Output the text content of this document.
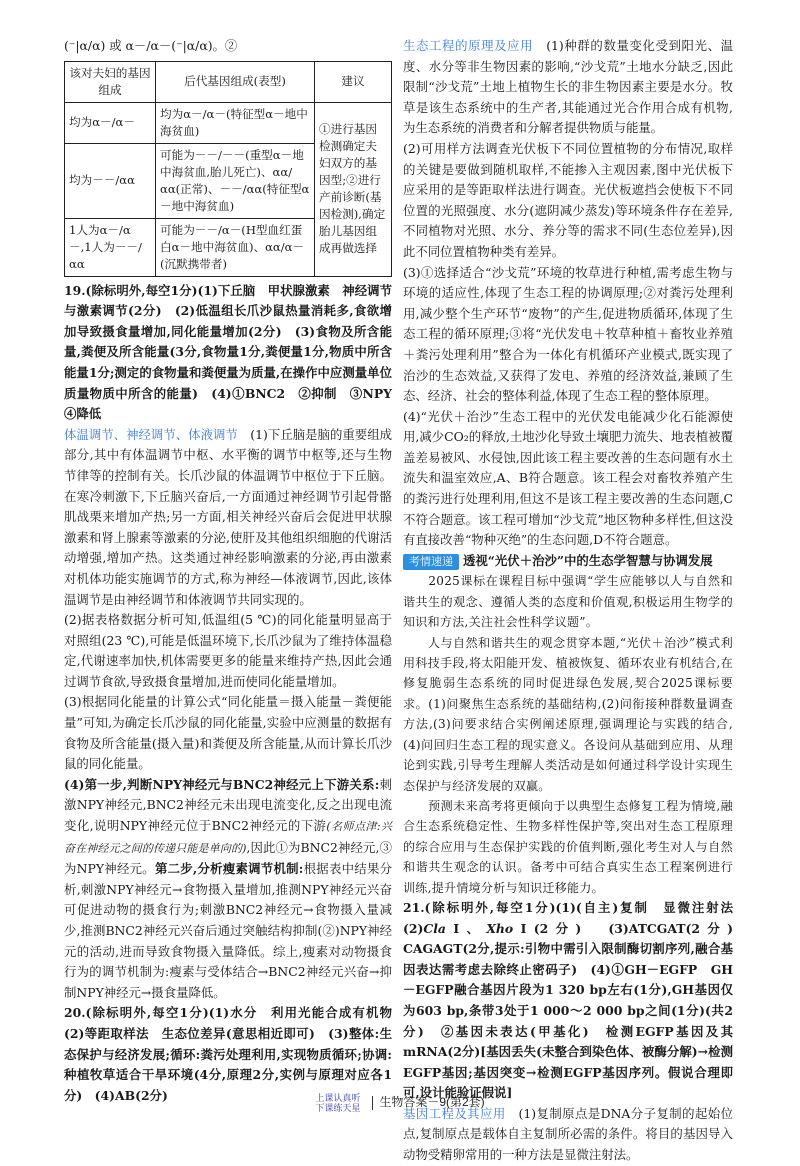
(⁻|α/α) 或 α－/α－(⁻|α/α)。②

该对夫妇的基因组成	后代基因组成(表型)	建议
均为α－/α－	均为α－/α－(特征型α－地中海贫血)	①进行基因检测确定夫妇双方的基因型;②进行产前诊断(基因检测),确定胎儿基因组成再做选择
均为－－/αα	可能为－－/－－(重型α－地中海贫血,胎儿死亡)、αα/αα(正常)、－－/αα(特征型α－地中海贫血)	
1人为α－/α－,1人为－－/αα	可能为－－/α－(H型血红蛋白α－地中海贫血)、αα/α－(沉默携带者)	

19.(除标明外,每空1分)(1)下丘脑　甲状腺激素　神经调节与激素调节(2分)　(2)低温组长爪沙鼠热量消耗多,食欲增加导致摄食量增加,同化能量增加(2分)　(3)食物及所含能量,粪便及所含能量(3分,食物量1分,粪便量1分,物质中所含能量1分;测定的食物量和粪便量为质量,在操作中应测量单位质量物质中所含的能量)　(4)①BNC2　②抑制　③NPY　④降低

体温调节、神经调节、体液调节　 (1)下丘脑是脑的重要组成部分,其中有体温调节中枢、水平衡的调节中枢等,还与生物节律等的控制有关。长爪沙鼠的体温调节中枢位于下丘脑。在寒冷刺激下,下丘脑兴奋后,一方面通过神经调节引起骨骼肌战栗来增加产热;另一方面,相关神经兴奋后会促进甲状腺激素和肾上腺素等激素的分泌,使肝及其他组织细胞的代谢活动增强,增加产热。这类通过神经影响激素的分泌,再由激素对机体功能实施调节的方式,称为神经—体液调节,因此,该体温调节是由神经调节和体液调节共同实现的。

(2)据表格数据分析可知,低温组(5 ℃)的同化能量明显高于对照组(23 ℃),可能是低温环境下,长爪沙鼠为了维持体温稳定,代谢速率加快,机体需要更多的能量来维持产热,因此会通过调节食欲,导致摄食量增加,进而使同化能量增加。

(3)根据同化能量的计算公式“同化能量＝摄入能量－粪便能量”可知,为确定长爪沙鼠的同化能量,实验中应测量的数据有食物及所含能量(摄入量)和粪便及所含能量,从而计算长爪沙鼠的同化能量。

(4)第一步,判断NPY神经元与BNC2神经元上下游关系:刺激NPY神经元,BNC2神经元未出现电流变化,反之出现电流变化,说明NPY神经元位于BNC2神经元的下游(名师点津:兴奋在神经元之间的传递只能是单向的),因此①为BNC2神经元,③为NPY神经元。第二步,分析瘦素调节机制:根据表中结果分析,刺激NPY神经元→食物摄入量增加,推测NPY神经元兴奋可促进动物的摄食行为;刺激BNC2神经元→食物摄入量减少,推测BNC2神经元兴奋后通过突触结构抑制(②)NPY神经元的活动,进而导致食物摄入量降低。综上,瘦素对动物摄食行为的调节机制为:瘦素与受体结合→BNC2神经元兴奋→抑制NPY神经元→摄食量降低。

20.(除标明外,每空1分)(1)水分　利用光能合成有机物　(2)等距取样法　生态位差异(意思相近即可)　(3)整体:生态保护与经济发展;循环:粪污处理利用,实现物质循环;协调:种植牧草适合干旱环境(4分,原理2分,实例与原理对应各1分)　(4)AB(2分)

生态工程的原理及应用　 (1)种群的数量变化受到阳光、温度、水分等非生物因素的影响,“沙戈荒”土地水分缺乏,因此限制“沙戈荒”土地上植物生长的非生物因素主要是水分。牧草是该生态系统中的生产者,其能通过光合作用合成有机物,为生态系统的消费者和分解者提供物质与能量。

(2)可用样方法调查光伏板下不同位置植物的分布情况,取样的关键是要做到随机取样,不能掺入主观因素,图中光伏板下应采用的是等距取样法进行调查。光伏板遮挡会使板下不同位置的光照强度、水分(遮阴减少蒸发)等环境条件存在差异,不同植物对光照、水分、养分等的需求不同(生态位差异),因此不同位置植物种类有差异。

(3)①选择适合“沙戈荒”环境的牧草进行种植,需考虑生物与环境的适应性,体现了生态工程的协调原理;②对粪污处理利用,减少整个生产环节“废物”的产生,促进物质循环,体现了生态工程的循环原理;③将“光伏发电＋牧草种植＋畜牧业养殖＋粪污处理利用”整合为一体化有机循环产业模式,既实现了治沙的生态效益,又获得了发电、养殖的经济效益,兼顾了生态、经济、社会的整体利益,体现了生态工程的整体原理。

(4)“光伏＋治沙”生态工程中的光伏发电能减少化石能源使用,减少CO₂的释放,土地沙化导致土壤肥力流失、地表植被覆盖差易被风、水侵蚀,因此该工程主要改善的生态问题有水土流失和温室效应,A、B符合题意。该工程会对畜牧养殖产生的粪污进行处理利用,但这不是该工程主要改善的生态问题,C不符合题意。该工程可增加“沙戈荒”地区物种多样性,但这没有直接改善“物种灭绝”的生态问题,D不符合题意。

考情速递 透视“光伏＋治沙”中的生态学智慧与协调发展

　　2025课标在课程目标中强调“学生应能够以人与自然和谐共生的观念、遵循人类的态度和价值观,积极运用生物学的知识和方法,关注社会性科学议题”。

　　人与自然和谐共生的观念贯穿本题,“光伏＋治沙”模式利用科技手段,将太阳能开发、植被恢复、循环农业有机结合,在修复脆弱生态系统的同时促进绿色发展,契合2025课标要求。(1)问聚焦生态系统的基础结构,(2)问衔接种群数量调查方法,(3)问要求结合实例阐述原理,强调理论与实践的结合,(4)问回归生态工程的现实意义。各设问从基础到应用、从理论到实践,引导考生理解人类活动是如何通过科学设计实现生态保护与经济发展的双赢。

　　预测未来高考将更倾向于以典型生态修复工程为情境,融合生态系统稳定性、生物多样性保护等,突出对生态工程原理的综合应用与生态保护实践的价值判断,强化考生对人与自然和谐共生观念的认识。备考中可结合真实生态工程案例进行训练,提升情境分析与知识迁移能力。

21.(除标明外,每空1分)(1)(自主)复制　显微注射法　(2)ClaⅠ、XhoⅠ(2分)　(3)ATCGAT(2分)　CAGAGT(2分,提示:引物中需引入限制酶切割序列,融合基因表达需考虑去除终止密码子)　(4)①GH－EGFP　GH－EGFP融合基因片段为1 320 bp左右(1分),GH基因仅为603 bp,条带3处于1 000～2 000 bp之间(1分)(共2分)　②基因未表达(甲基化)　检测EGFP基因及其mRNA(2分)[基因丢失(未整合到染色体、被酶分解)→检测EGFP基因;基因突变→检测EGFP基因序列。假说合理即可,设计能验证假说]

基因工程及其应用　 (1)复制原点是DNA分子复制的起始位点,复制原点是载体自主复制所必需的条件。将目的基因导入动物受精卵常用的一种方法是显微注射法。

上课认真听
下课练天星 生物答案－9(第2套)
